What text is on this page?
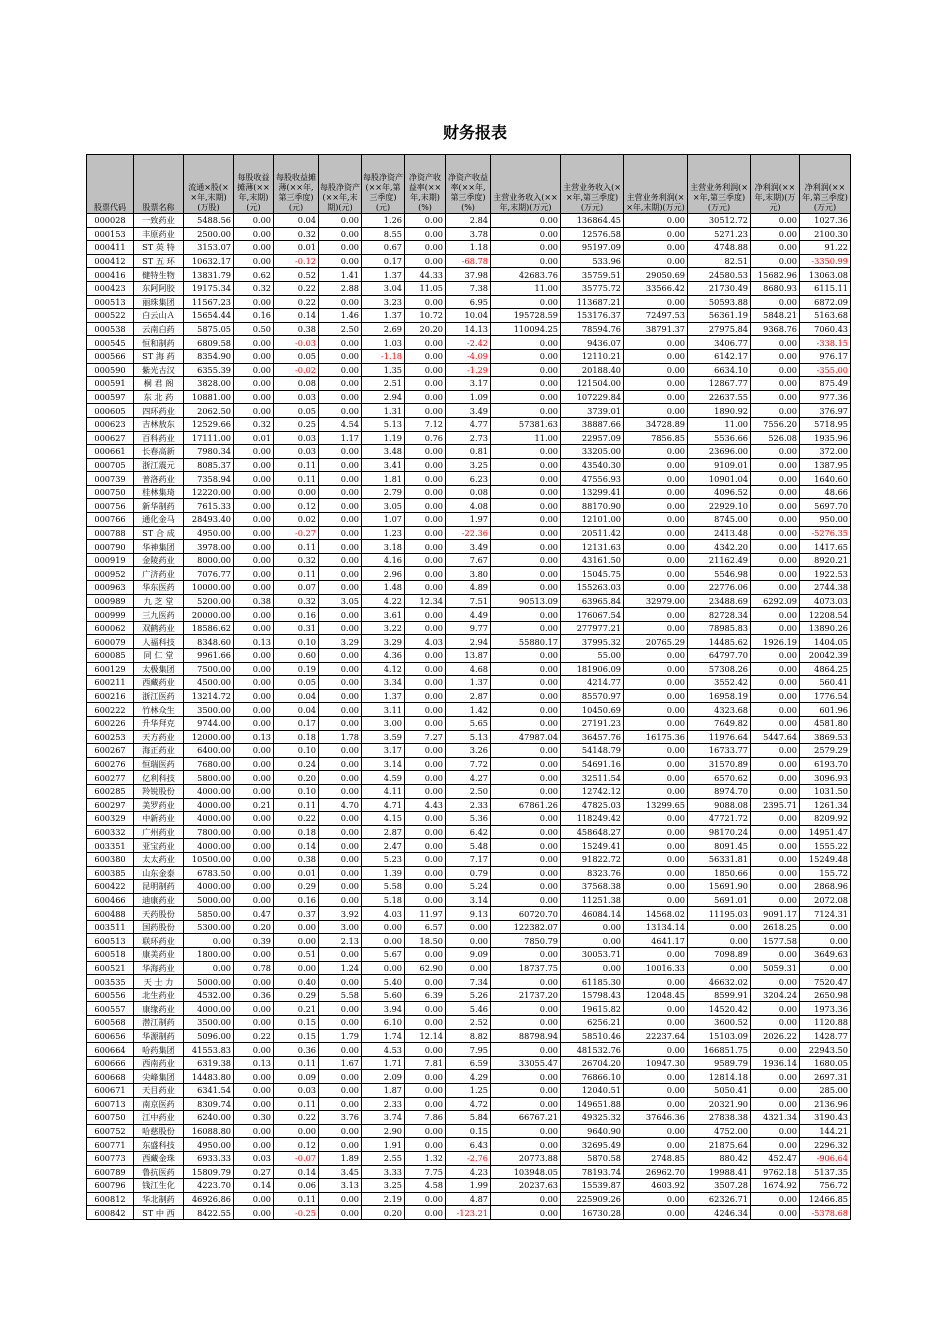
财务报表
股票代码	股票名称	流通×股(××年,末期)(万股)	每股收益摊薄(××年,末期)(元)	每股收益摊薄(××年,第三季度)(元)	每股净资产(××年,末期)(元)	每股净资产(××年,第三季度)(元)	净资产收益率(××年,末期)(%)	净资产收益率(××年,第三季度)(%)	主营业务收入(××年,末期)(万元)	主营业务收入(××年,第三季度)(万元)	主营业务利润(××年,末期)(万元)	主营业务利润(××年,第三季度)(万元)	净利润(××年,末期)(万元)	净利润(××年,第三季度)(万元)
000028	一致药业	5488.56	0.00	0.04	0.00	1.26	0.00	2.84	0.00	136864.45	0.00	30512.72	0.00	1027.36
000153	丰原药业	2500.00	0.00	0.32	0.00	8.55	0.00	3.78	0.00	12576.58	0.00	5271.23	0.00	2100.30
000411	ST 英 特	3153.07	0.00	0.01	0.00	0.67	0.00	1.18	0.00	95197.09	0.00	4748.88	0.00	91.22
000412	ST 五 环	10632.17	0.00	-0.12	0.00	0.17	0.00	-68.78	0.00	533.96	0.00	82.51	0.00	-3350.99
000416	健特生物	13831.79	0.62	0.52	1.41	1.37	44.33	37.98	42683.76	35759.51	29050.69	24580.53	15682.96	13063.08
000423	东阿阿胶	19175.34	0.32	0.22	2.88	3.04	11.05	7.38	11.00	35775.72	33566.42	21730.49	8680.93	6115.11
000513	丽珠集团	11567.23	0.00	0.22	0.00	3.23	0.00	6.95	0.00	113687.21	0.00	50593.88	0.00	6872.09
000522	白云山Ａ	15654.44	0.16	0.14	1.46	1.37	10.72	10.04	195728.59	153176.37	72497.53	56361.19	5848.21	5163.68
000538	云南白药	5875.05	0.50	0.38	2.50	2.69	20.20	14.13	110094.25	78594.76	38791.37	27975.84	9368.76	7060.43
000545	恒和制药	6809.58	0.00	-0.03	0.00	1.03	0.00	-2.42	0.00	9436.07	0.00	3406.77	0.00	-338.15
000566	ST 海 药	8354.90	0.00	0.05	0.00	-1.18	0.00	-4.09	0.00	12110.21	0.00	6142.17	0.00	976.17
000590	紫光古汉	6355.39	0.00	-0.02	0.00	1.35	0.00	-1.29	0.00	20188.40	0.00	6634.10	0.00	-355.00
000591	桐 君 阁	3828.00	0.00	0.08	0.00	2.51	0.00	3.17	0.00	121504.00	0.00	12867.77	0.00	875.49
000597	东 北 药	10881.00	0.00	0.03	0.00	2.94	0.00	1.09	0.00	107229.84	0.00	22637.55	0.00	977.36
000605	四环药业	2062.50	0.00	0.05	0.00	1.31	0.00	3.49	0.00	3739.01	0.00	1890.92	0.00	376.97
000623	吉林敖东	12529.66	0.32	0.25	4.54	5.13	7.12	4.77	57381.63	38887.66	34728.89	11.00	7556.20	5718.95
000627	百科药业	17111.00	0.01	0.03	1.17	1.19	0.76	2.73	11.00	22957.09	7856.85	5536.66	526.08	1935.96
000661	长春高新	7980.34	0.00	0.03	0.00	3.48	0.00	0.81	0.00	33205.00	0.00	23696.00	0.00	372.00
000705	浙江震元	8085.37	0.00	0.11	0.00	3.41	0.00	3.25	0.00	43540.30	0.00	9109.01	0.00	1387.95
000739	普洛药业	7358.94	0.00	0.11	0.00	1.81	0.00	6.23	0.00	47556.93	0.00	10901.04	0.00	1640.60
000750	桂林集琦	12220.00	0.00	0.00	0.00	2.79	0.00	0.08	0.00	13299.41	0.00	4096.52	0.00	48.66
000756	新华制药	7615.33	0.00	0.12	0.00	3.05	0.00	4.08	0.00	88170.90	0.00	22929.10	0.00	5697.70
000766	通化金马	28493.40	0.00	0.02	0.00	1.07	0.00	1.97	0.00	12101.00	0.00	8745.00	0.00	950.00
000788	ST 合 成	4950.00	0.00	-0.27	0.00	1.23	0.00	-22.36	0.00	20511.42	0.00	2413.48	0.00	-5276.35
000790	华神集团	3978.00	0.00	0.11	0.00	3.18	0.00	3.49	0.00	12131.63	0.00	4342.20	0.00	1417.65
000919	金陵药业	8000.00	0.00	0.32	0.00	4.16	0.00	7.67	0.00	43161.50	0.00	21162.49	0.00	8920.21
000952	广济药业	7076.77	0.00	0.11	0.00	2.96	0.00	3.80	0.00	15045.75	0.00	5546.98	0.00	1922.53
000963	华东医药	10000.00	0.00	0.07	0.00	1.48	0.00	4.89	0.00	155263.03	0.00	22776.06	0.00	2744.38
000989	九 芝 堂	5200.00	0.38	0.32	3.05	4.22	12.34	7.51	90513.09	63965.84	32979.00	23488.69	6292.09	4073.03
000999	三九医药	20000.00	0.00	0.16	0.00	3.61	0.00	4.49	0.00	176067.54	0.00	82728.34	0.00	12208.54
600062	双鹤药业	18586.62	0.00	0.31	0.00	3.22	0.00	9.77	0.00	277977.21	0.00	78985.83	0.00	13890.26
600079	人福科技	8348.60	0.13	0.10	3.29	3.29	4.03	2.94	55880.17	37995.32	20765.29	14485.62	1926.19	1404.05
600085	同 仁 堂	9961.66	0.00	0.60	0.00	4.36	0.00	13.87	0.00	55.00	0.00	64797.70	0.00	20042.39
600129	太极集团	7500.00	0.00	0.19	0.00	4.12	0.00	4.68	0.00	181906.09	0.00	57308.26	0.00	4864.25
600211	西藏药业	4500.00	0.00	0.05	0.00	3.34	0.00	1.37	0.00	4214.77	0.00	3552.42	0.00	560.41
600216	浙江医药	13214.72	0.00	0.04	0.00	1.37	0.00	2.87	0.00	85570.97	0.00	16958.19	0.00	1776.54
600222	竹林众生	3500.00	0.00	0.04	0.00	3.11	0.00	1.42	0.00	10450.69	0.00	4323.68	0.00	601.96
600226	升华拜克	9744.00	0.00	0.17	0.00	3.00	0.00	5.65	0.00	27191.23	0.00	7649.82	0.00	4581.80
600253	天方药业	12000.00	0.13	0.18	1.78	3.59	7.27	5.13	47987.04	36457.76	16175.36	11976.64	5447.64	3869.53
600267	海正药业	6400.00	0.00	0.10	0.00	3.17	0.00	3.26	0.00	54148.79	0.00	16733.77	0.00	2579.29
600276	恒瑞医药	7680.00	0.00	0.24	0.00	3.14	0.00	7.72	0.00	54691.16	0.00	31570.89	0.00	6193.70
600277	亿利科技	5800.00	0.00	0.20	0.00	4.59	0.00	4.27	0.00	32511.54	0.00	6570.62	0.00	3096.93
600285	羚锐股份	4000.00	0.00	0.10	0.00	4.11	0.00	2.50	0.00	12742.12	0.00	8974.70	0.00	1031.50
600297	美罗药业	4000.00	0.21	0.11	4.70	4.71	4.43	2.33	67861.26	47825.03	13299.65	9088.08	2395.71	1261.34
600329	中新药业	4000.00	0.00	0.22	0.00	4.15	0.00	5.36	0.00	118249.42	0.00	47721.72	0.00	8209.92
600332	广州药业	7800.00	0.00	0.18	0.00	2.87	0.00	6.42	0.00	458648.27	0.00	98170.24	0.00	14951.47
003351	亚宝药业	4000.00	0.00	0.14	0.00	2.47	0.00	5.48	0.00	15249.41	0.00	8091.45	0.00	1555.22
600380	太太药业	10500.00	0.00	0.38	0.00	5.23	0.00	7.17	0.00	91822.72	0.00	56331.81	0.00	15249.48
600385	山东金泰	6783.50	0.00	0.01	0.00	1.39	0.00	0.79	0.00	8323.76	0.00	1850.66	0.00	155.72
600422	昆明制药	4000.00	0.00	0.29	0.00	5.58	0.00	5.24	0.00	37568.38	0.00	15691.90	0.00	2868.96
600466	迪康药业	5000.00	0.00	0.16	0.00	5.18	0.00	3.14	0.00	11251.38	0.00	5691.01	0.00	2072.08
600488	天药股份	5850.00	0.47	0.37	3.92	4.03	11.97	9.13	60720.70	46084.14	14568.02	11195.03	9091.17	7124.31
003511	国药股份	5300.00	0.20	0.00	3.00	0.00	6.57	0.00	122382.07	0.00	13134.14	0.00	2618.25	0.00
600513	联环药业	0.00	0.39	0.00	2.13	0.00	18.50	0.00	7850.79	0.00	4641.17	0.00	1577.58	0.00
600518	康美药业	1800.00	0.00	0.51	0.00	5.67	0.00	9.09	0.00	30053.71	0.00	7098.89	0.00	3649.63
600521	华海药业	0.00	0.78	0.00	1.24	0.00	62.90	0.00	18737.75	0.00	10016.33	0.00	5059.31	0.00
003535	天 士 力	5000.00	0.00	0.40	0.00	5.40	0.00	7.34	0.00	61185.30	0.00	46632.02	0.00	7520.47
600556	北生药业	4532.00	0.36	0.29	5.58	5.60	6.39	5.26	21737.20	15798.43	12048.45	8599.91	3204.24	2650.98
600557	康缘药业	4000.00	0.00	0.21	0.00	3.94	0.00	5.46	0.00	19615.82	0.00	14520.42	0.00	1973.36
600568	潜江制药	3500.00	0.00	0.15	0.00	6.10	0.00	2.52	0.00	6256.21	0.00	3600.52	0.00	1120.88
600656	华源制药	5096.00	0.22	0.15	1.79	1.74	12.14	8.82	88798.94	58510.46	22237.64	15103.09	2026.22	1428.77
600664	哈药集团	41553.83	0.00	0.36	0.00	4.53	0.00	7.95	0.00	481532.76	0.00	166851.75	0.00	22943.50
600666	西南药业	6319.38	0.13	0.11	1.67	1.71	7.81	6.59	33055.47	26704.20	10947.30	9589.79	1936.14	1680.05
600668	尖峰集团	14483.80	0.00	0.09	0.00	2.09	0.00	4.29	0.00	76866.10	0.00	12814.18	0.00	2697.31
600671	天目药业	6341.54	0.00	0.03	0.00	1.87	0.00	1.25	0.00	12040.51	0.00	5050.41	0.00	285.00
600713	南京医药	8309.74	0.00	0.11	0.00	2.33	0.00	4.72	0.00	149651.88	0.00	20321.90	0.00	2136.96
600750	江中药业	6240.00	0.30	0.22	3.76	3.74	7.86	5.84	66767.21	49325.32	37646.36	27838.38	4321.34	3190.43
600752	哈慈股份	16088.80	0.00	0.00	0.00	2.90	0.00	0.15	0.00	9640.90	0.00	4752.00	0.00	144.21
600771	东盛科技	4950.00	0.00	0.12	0.00	1.91	0.00	6.43	0.00	32695.49	0.00	21875.64	0.00	2296.32
600773	西藏金珠	6933.33	0.03	-0.07	1.89	2.55	1.32	-2.76	20773.88	5870.58	2748.85	880.42	452.47	-906.64
600789	鲁抗医药	15809.79	0.27	0.14	3.45	3.33	7.75	4.23	103948.05	78193.74	26962.70	19988.41	9762.18	5137.35
600796	钱江生化	4223.70	0.14	0.06	3.13	3.25	4.58	1.99	20237.63	15539.87	4603.92	3507.28	1674.92	756.72
600812	华北制药	46926.86	0.00	0.11	0.00	2.19	0.00	4.87	0.00	225909.26	0.00	62326.71	0.00	12466.85
600842	ST 中 西	8422.55	0.00	-0.25	0.00	0.20	0.00	-123.21	0.00	16730.28	0.00	4246.34	0.00	-5378.68
